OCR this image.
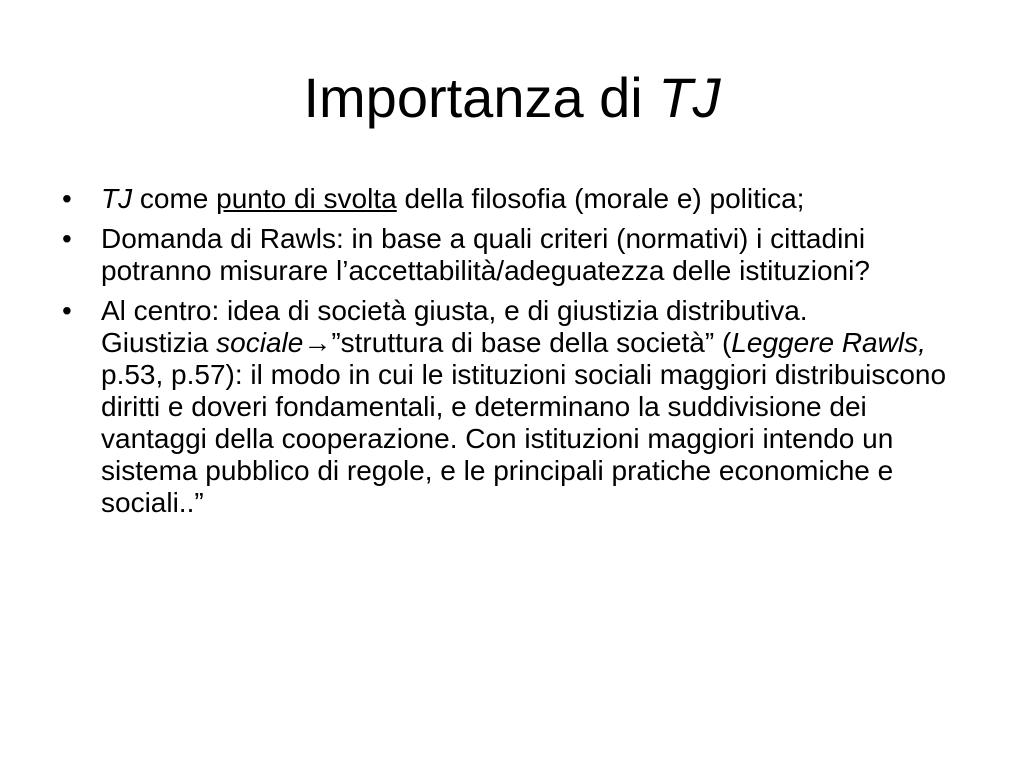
Importanza di TJ
• TJ come punto di svolta della filosofia (morale e) politica;
• Domanda di Rawls: in base a quali criteri (normativi) i cittadini potranno misurare l’accettabilità/adeguatezza delle istituzioni?
• Al centro: idea di società giusta, e di giustizia distributiva.
Giustizia sociale→”struttura di base della società” (Leggere Rawls, p.53, p.57): il modo in cui le istituzioni sociali maggiori distribuiscono diritti e doveri fondamentali, e determinano la suddivisione dei vantaggi della cooperazione. Con istituzioni maggiori intendo un sistema pubblico di regole, e le principali pratiche economiche e sociali..”
